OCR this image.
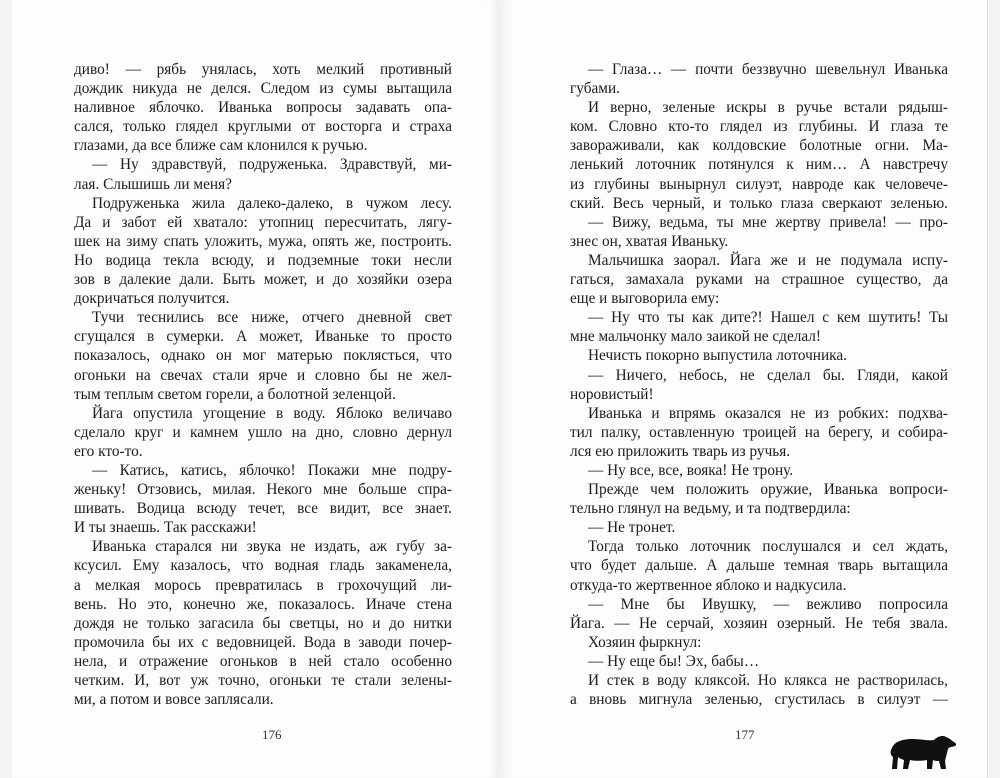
диво! — рябь унялась, хоть мелкий противный
дождик никуда не делся. Следом из сумы вытащила
наливное яблочко. Иванька вопросы задавать опа-
сался, только глядел круглыми от восторга и страха
глазами, да все ближе сам клонился к ручью.
— Ну здравствуй, подруженька. Здравствуй, ми-
лая. Слышишь ли меня?
Подруженька жила далеко-далеко, в чужом лесу.
Да и забот ей хватало: утопниц пересчитать, лягу-
шек на зиму спать уложить, мужа, опять же, построить.
Но водица текла всюду, и подземные токи несли
зов в далекие дали. Быть может, и до хозяйки озера
докричаться получится.
Тучи теснились все ниже, отчего дневной свет
сгущался в сумерки. А может, Иваньке то просто
показалось, однако он мог матерью поклясться, что
огоньки на свечах стали ярче и словно бы не жел-
тым теплым светом горели, а болотной зеленцой.
Йага опустила угощение в воду. Яблоко величаво
сделало круг и камнем ушло на дно, словно дернул
его кто-то.
— Катись, катись, яблочко! Покажи мне подру-
женьку! Отзовись, милая. Некого мне больше спра-
шивать. Водица всюду течет, все видит, все знает.
И ты знаешь. Так расскажи!
Иванька старался ни звука не издать, аж губу за-
ксусил. Ему казалось, что водная гладь закаменела,
а мелкая морось превратилась в грохочущий ли-
вень. Но это, конечно же, показалось. Иначе стена
дождя не только загасила бы светцы, но и до нитки
промочила бы их с ведовницей. Вода в заводи почер-
нела, и отражение огоньков в ней стало особенно
четким. И, вот уж точно, огоньки те стали зелены-
ми, а потом и вовсе заплясали.
176
— Глаза… — почти беззвучно шевельнул Иванька
губами.
И верно, зеленые искры в ручье встали рядыш-
ком. Словно кто-то глядел из глубины. И глаза те
завораживали, как колдовские болотные огни. Ма-
ленький лоточник потянулся к ним… А навстречу
из глубины вынырнул силуэт, навроде как человече-
ский. Весь черный, и только глаза сверкают зеленью.
— Вижу, ведьма, ты мне жертву привела! — про-
знес он, хватая Иваньку.
Мальчишка заорал. Йага же и не подумала испу-
гаться, замахала руками на страшное существо, да
еще и выговорила ему:
— Ну что ты как дите?! Нашел с кем шутить! Ты
мне мальчонку мало заикой не сделал!
Нечисть покорно выпустила лоточника.
— Ничего, небось, не сделал бы. Гляди, какой
норовистый!
Иванька и впрямь оказался не из робких: подхва-
тил палку, оставленную троицей на берегу, и собира-
лся ею приложить тварь из ручья.
— Ну все, все, вояка! Не трону.
Прежде чем положить оружие, Иванька вопроси-
тельно глянул на ведьму, и та подтвердила:
— Не тронет.
Тогда только лоточник послушался и сел ждать,
что будет дальше. А дальше темная тварь вытащила
откуда-то жертвенное яблоко и надкусила.
— Мне бы Ивушку, — вежливо попросила
Йага. — Не серчай, хозяин озерный. Не тебя звала.
Хозяин фыркнул:
— Ну еще бы! Эх, бабы…
И стек в воду кляксой. Но клякса не растворилась,
а вновь мигнула зеленью, сгустилась в силуэт —
177
